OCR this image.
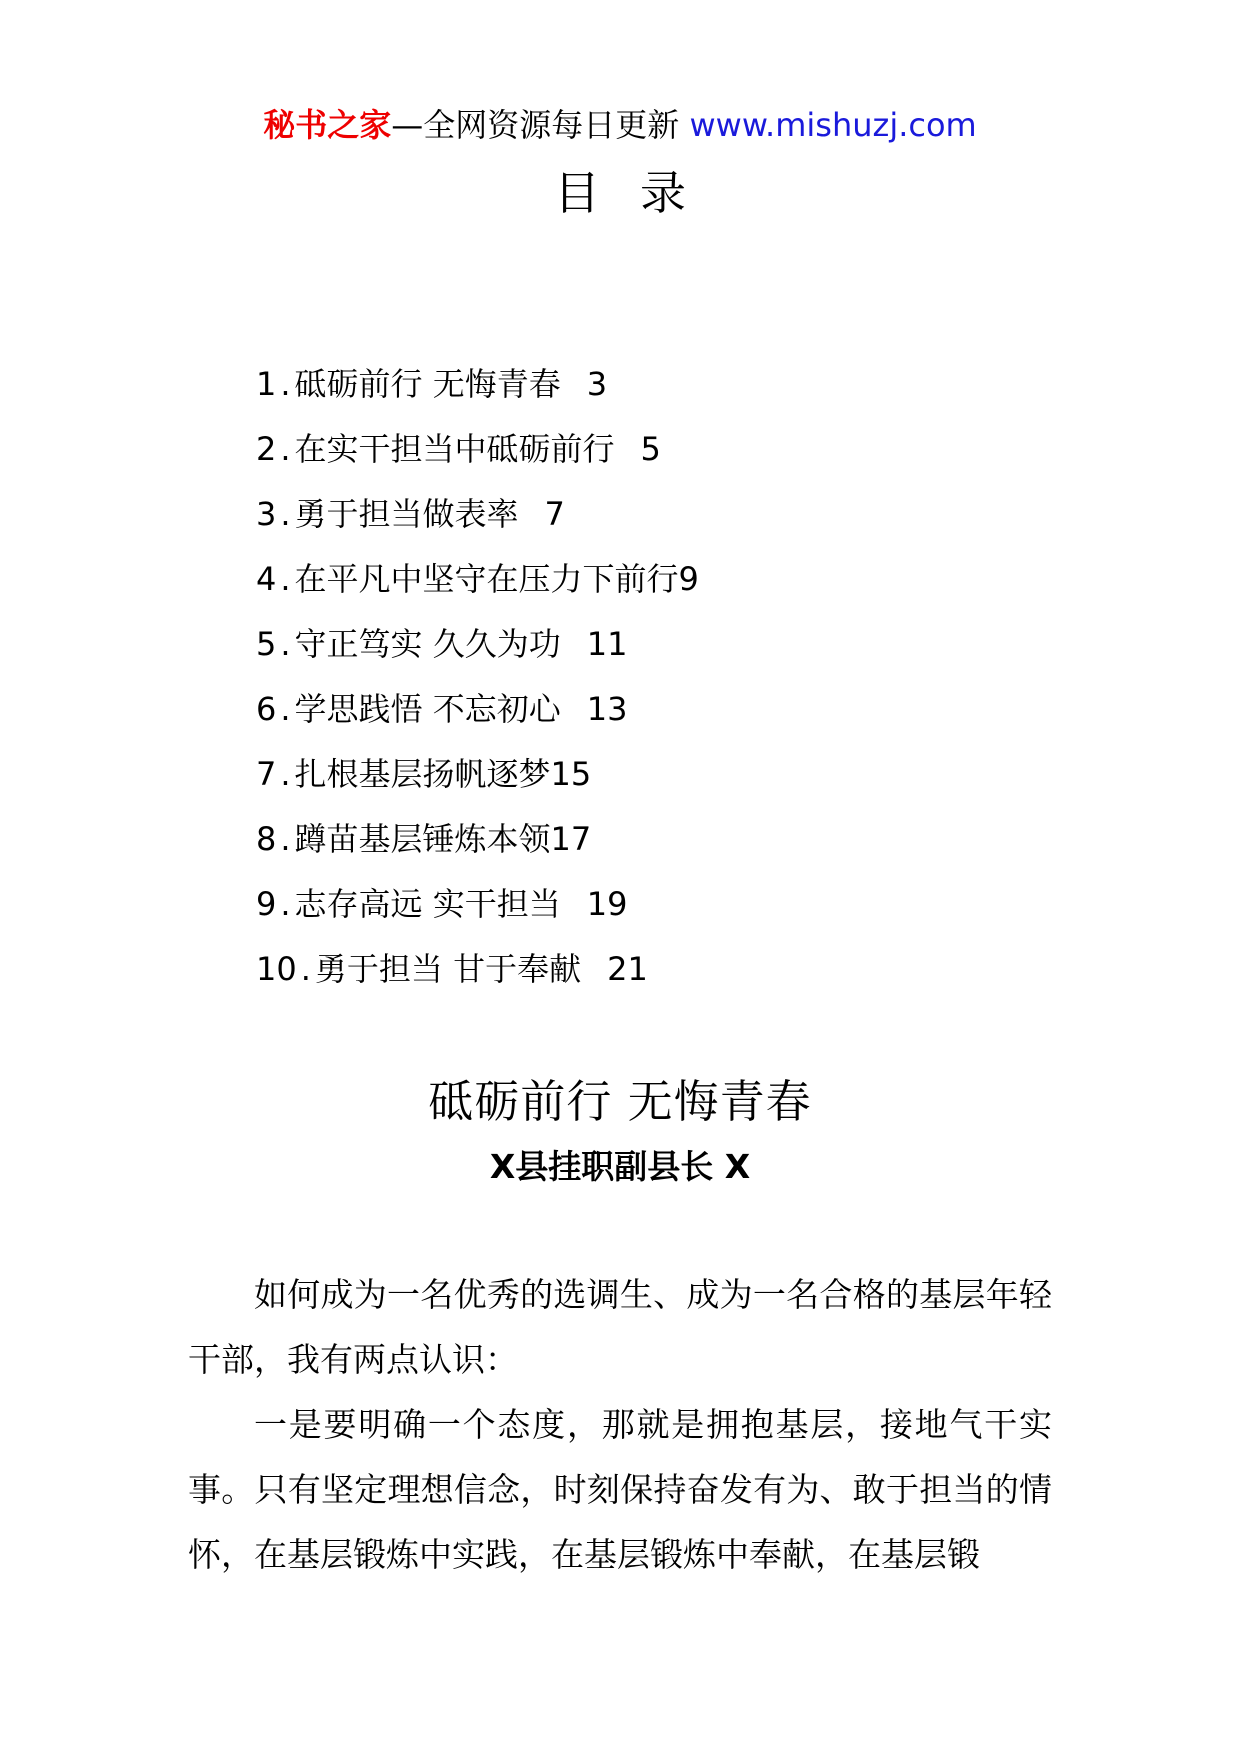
秘书之家—全网资源每日更新 www.mishuzj.com
目录
1 . 砥砺前行 无悔青春 3
2 . 在实干担当中砥砺前行 5
3 . 勇于担当做表率 7
4 . 在平凡中坚守在压力下前行9
5 . 守正笃实 久久为功 11
6 . 学思践悟 不忘初心 13
7 . 扎根基层扬帆逐梦15
8 . 蹲苗基层锤炼本领17
9 . 志存高远 实干担当 19
10 . 勇于担当 甘于奉献 21
砥砺前行 无悔青春
X县挂职副县长 X

如何成为一名优秀的选调生、成为一名合格的基层年轻干部，我有两点认识：

一是要明确一个态度，那就是拥抱基层，接地气干实事。只有坚定理想信念，时刻保持奋发有为、敢于担当的情怀，在基层锻炼中实践，在基层锻炼中奉献，在基层锻
